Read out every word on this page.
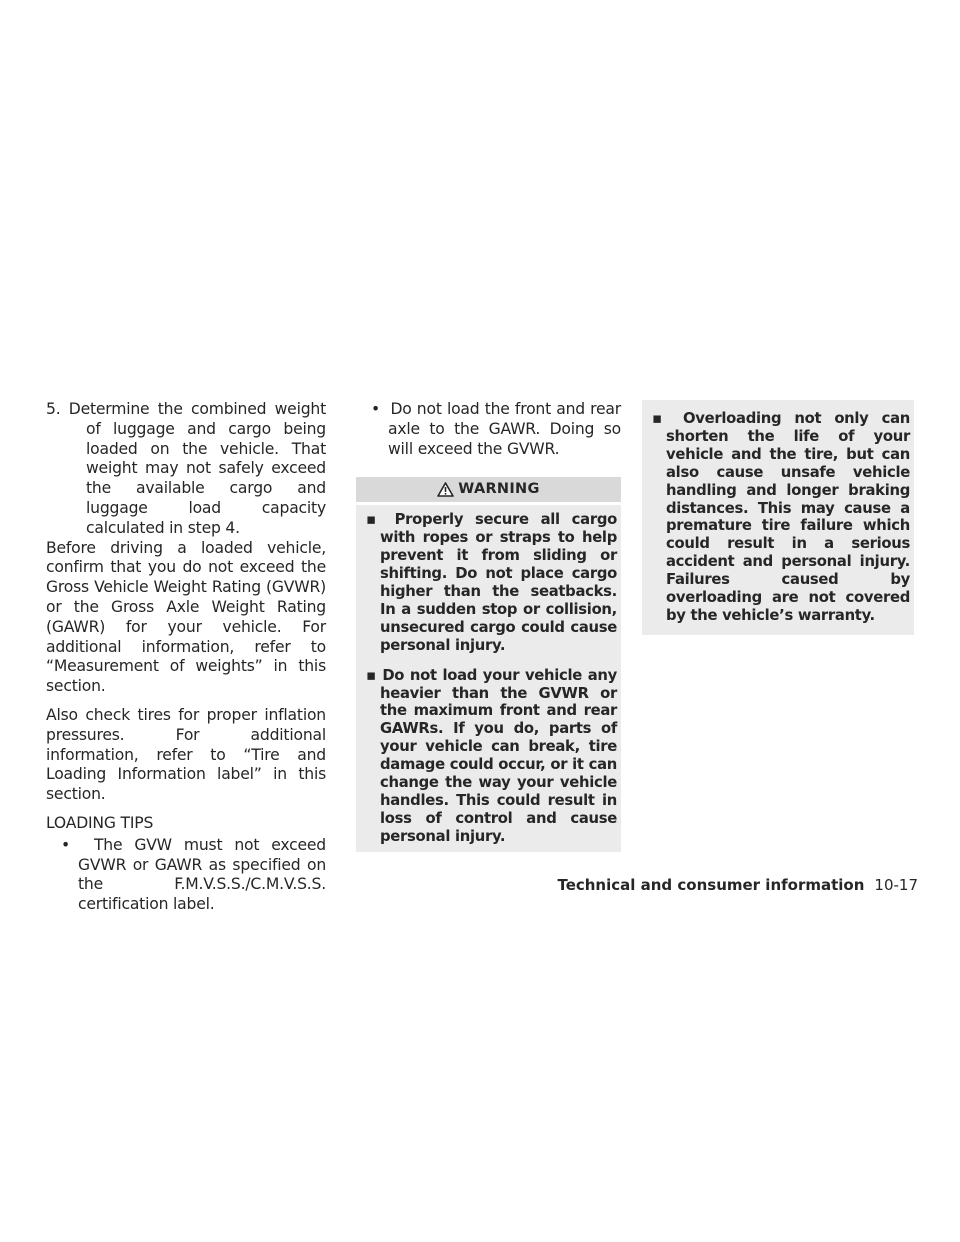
5. Determine the combined weight of luggage and cargo being loaded on the vehicle. That weight may not safely exceed the available cargo and luggage load capacity calculated in step 4.

Before driving a loaded vehicle, confirm that you do not exceed the Gross Vehicle Weight Rating (GVWR) or the Gross Axle Weight Rating (GAWR) for your vehicle. For additional information, refer to “Measurement of weights” in this section.

Also check tires for proper inflation pressures. For additional information, refer to “Tire and Loading Information label” in this section.

LOADING TIPS

•  The GVW must not exceed GVWR or GAWR as specified on the F.M.V.S.S./C.M.V.S.S. certification label.

•  Do not load the front and rear axle to the GAWR. Doing so will exceed the GVWR.

WARNING

▪ Properly secure all cargo with ropes or straps to help prevent it from sliding or shifting. Do not place cargo higher than the seatbacks. In a sudden stop or collision, unsecured cargo could cause personal injury.

▪ Do not load your vehicle any heavier than the GVWR or the maximum front and rear GAWRs. If you do, parts of your vehicle can break, tire damage could occur, or it can change the way your vehicle handles. This could result in loss of control and cause personal injury.

▪ Overloading not only can shorten the life of your vehicle and the tire, but can also cause unsafe vehicle handling and longer braking distances. This may cause a premature tire failure which could result in a serious accident and personal injury. Failures caused by overloading are not covered by the vehicle’s warranty.

Technical and consumer information 10-17
